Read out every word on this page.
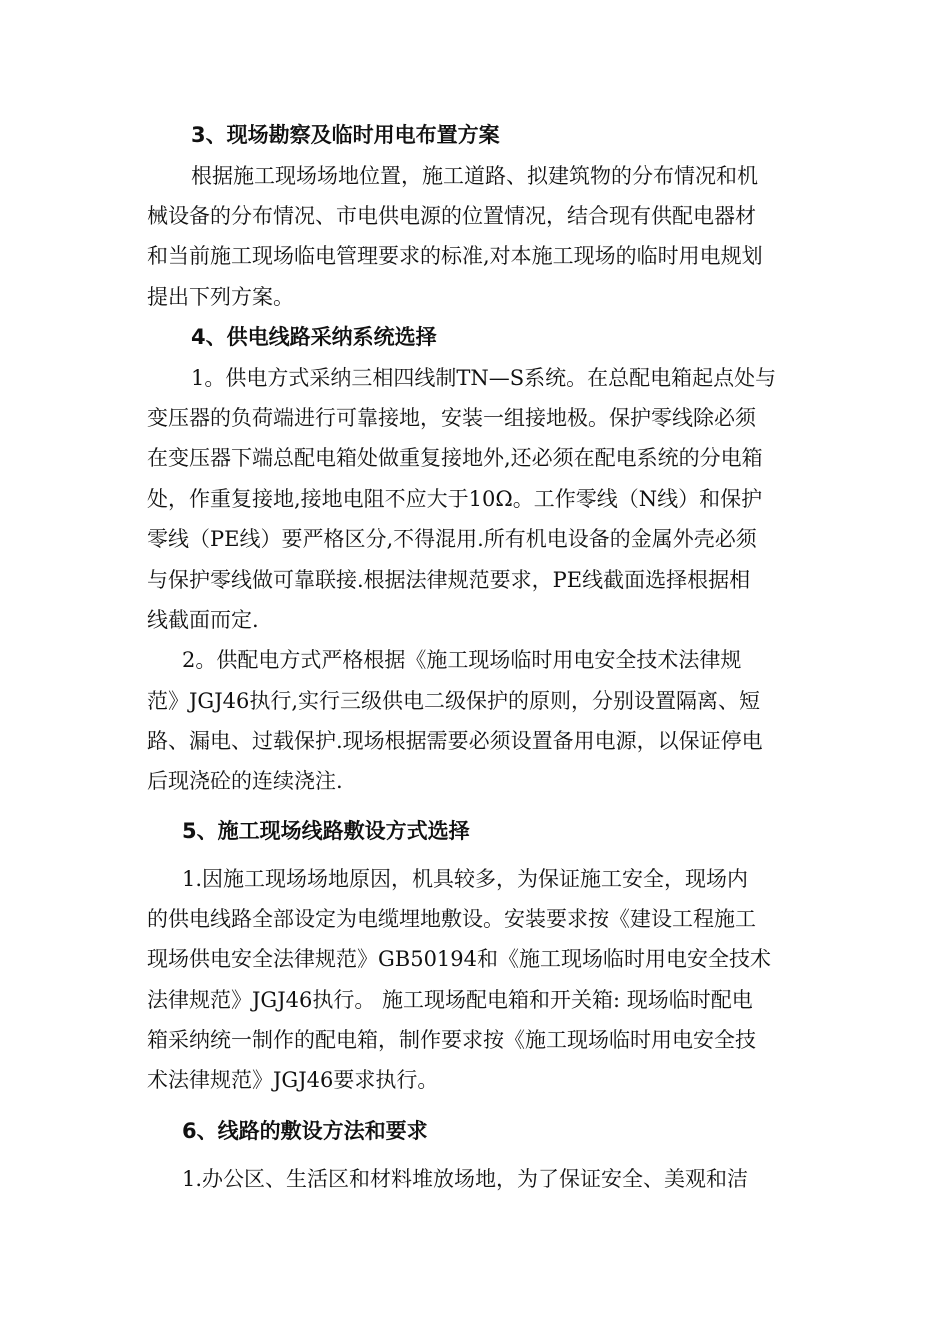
3、现场勘察及临时用电布置方案
根据施工现场场地位置，施工道路、拟建筑物的分布情况和机
械设备的分布情况、市电供电源的位置情况，结合现有供配电器材
和当前施工现场临电管理要求的标准,对本施工现场的临时用电规划
提出下列方案。
4、供电线路采纳系统选择
1。供电方式采纳三相四线制TN—S系统。在总配电箱起点处与
变压器的负荷端进行可靠接地，安装一组接地极。保护零线除必须
在变压器下端总配电箱处做重复接地外,还必须在配电系统的分电箱
处，作重复接地,接地电阻不应大于10Ω。工作零线（N线）和保护
零线（PE线）要严格区分,不得混用.所有机电设备的金属外壳必须
与保护零线做可靠联接.根据法律规范要求，PE线截面选择根据相
线截面而定.
2。供配电方式严格根据《施工现场临时用电安全技术法律规
范》JGJ46执行,实行三级供电二级保护的原则，分别设置隔离、短
路、漏电、过载保护.现场根据需要必须设置备用电源，以保证停电
后现浇砼的连续浇注.
5、施工现场线路敷设方式选择
1.因施工现场场地原因，机具较多，为保证施工安全，现场内
的供电线路全部设定为电缆埋地敷设。安装要求按《建设工程施工
现场供电安全法律规范》GB50194和《施工现场临时用电安全技术
法律规范》JGJ46执行。 施工现场配电箱和开关箱: 现场临时配电
箱采纳统一制作的配电箱，制作要求按《施工现场临时用电安全技
术法律规范》JGJ46要求执行。
6、线路的敷设方法和要求
1.办公区、生活区和材料堆放场地，为了保证安全、美观和洁
